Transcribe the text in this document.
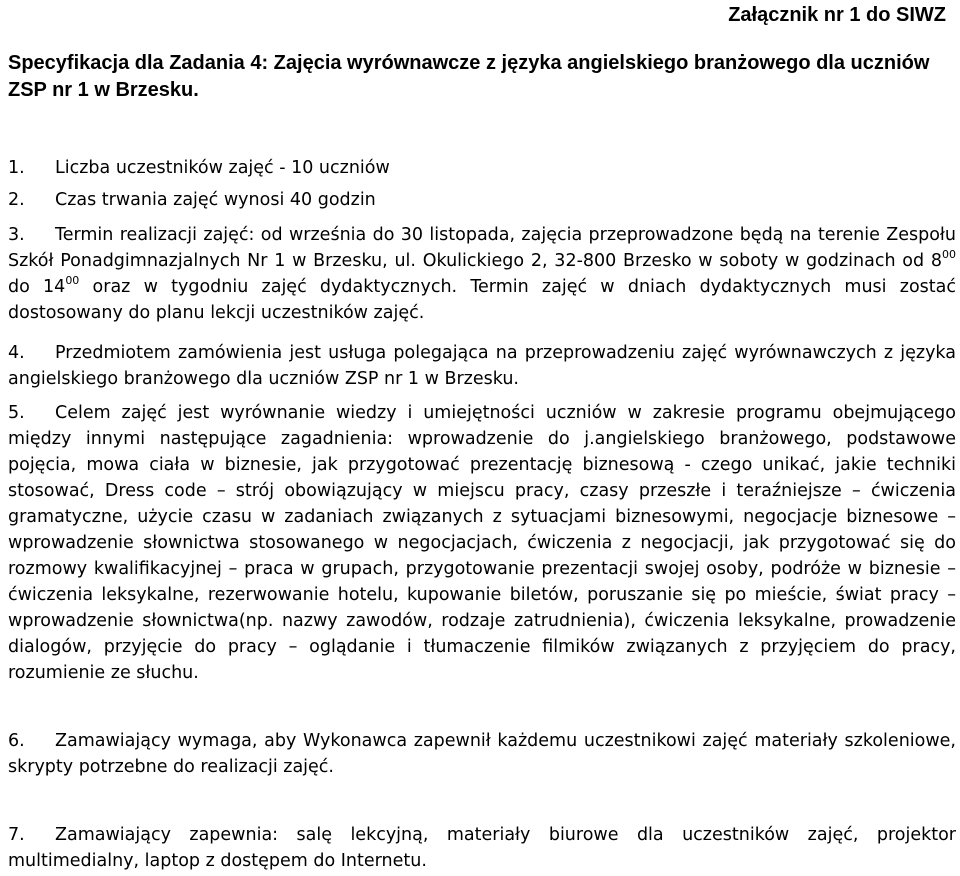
Załącznik nr 1 do SIWZ
Specyfikacja dla Zadania 4: Zajęcia wyrównawcze z języka angielskiego branżowego dla uczniów ZSP nr 1 w Brzesku.
1.	Liczba uczestników zajęć - 10 uczniów
2.	Czas trwania zajęć wynosi 40 godzin
3.	Termin realizacji zajęć: od września do 30 listopada, zajęcia przeprowadzone będą na terenie Zespołu Szkół Ponadgimnazjalnych Nr 1 w Brzesku, ul. Okulickiego 2, 32-800 Brzesko w soboty w godzinach od $8^{00}$ do $14^{00}$ oraz w tygodniu zajęć dydaktycznych. Termin zajęć w dniach dydaktycznych musi zostać dostosowany do planu lekcji uczestników zajęć.
4.	Przedmiotem zamówienia jest usługa polegająca na przeprowadzeniu zajęć wyrównawczych z języka angielskiego branżowego dla uczniów ZSP nr 1 w Brzesku.
5.	Celem zajęć jest wyrównanie wiedzy i umiejętności uczniów w zakresie programu obejmującego między innymi następujące zagadnienia: wprowadzenie do j.angielskiego branżowego, podstawowe pojęcia, mowa ciała w biznesie, jak przygotować prezentację biznesową - czego unikać, jakie techniki stosować, Dress code – strój obowiązujący w miejscu pracy, czasy przeszłe i teraźniejsze – ćwiczenia gramatyczne, użycie czasu w zadaniach związanych z sytuacjami biznesowymi, negocjacje biznesowe – wprowadzenie słownictwa stosowanego w negocjacjach, ćwiczenia z negocjacji, jak przygotować się do rozmowy kwalifikacyjnej – praca w grupach, przygotowanie prezentacji swojej osoby, podróże w biznesie – ćwiczenia leksykalne, rezerwowanie hotelu, kupowanie biletów, poruszanie się po mieście, świat pracy – wprowadzenie słownictwa(np. nazwy zawodów, rodzaje zatrudnienia), ćwiczenia leksykalne, prowadzenie dialogów, przyjęcie do pracy – oglądanie i tłumaczenie filmików związanych z przyjęciem do pracy, rozumienie ze słuchu.
6.	Zamawiający wymaga, aby Wykonawca zapewnił każdemu uczestnikowi zajęć materiały szkoleniowe, skrypty potrzebne do realizacji zajęć.
7.	Zamawiający zapewnia: salę lekcyjną, materiały biurowe dla uczestników zajęć, projektor multimedialny, laptop z dostępem do Internetu.
